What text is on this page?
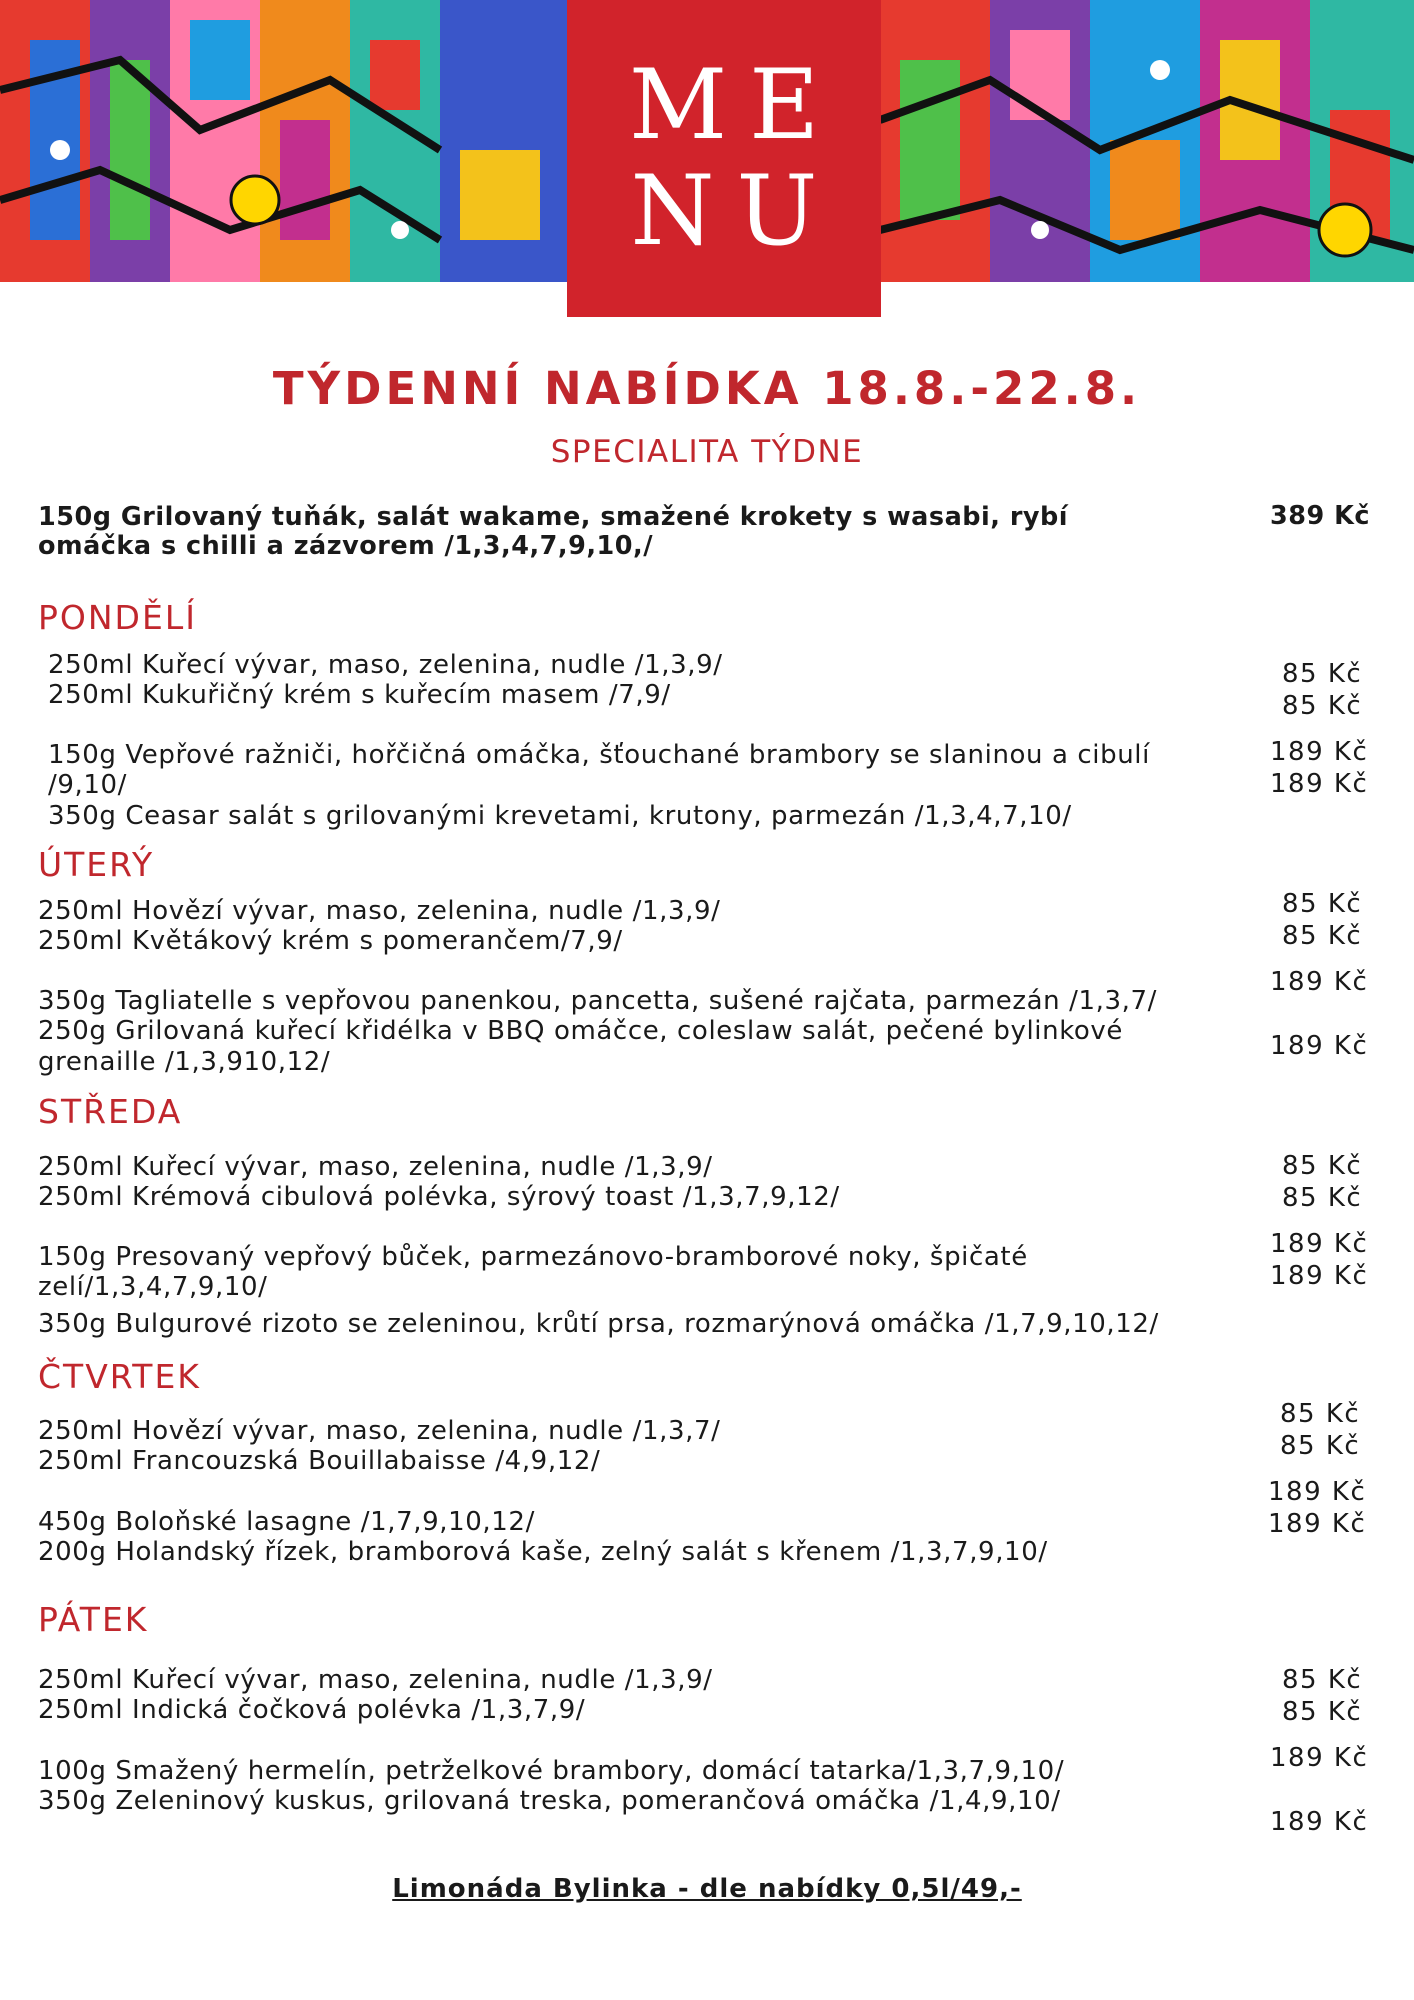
ME
NU
TÝDENNÍ NABÍDKA 18.8.-22.8.
SPECIALITA TÝDNE
150g Grilovaný tuňák, salát wakame, smažené krokety s wasabi, rybí
omáčka s chilli a zázvorem /1,3,4,7,9,10,/
389 Kč
PONDĚLÍ
250ml Kuřecí vývar, maso, zelenina, nudle /1,3,9/
250ml Kukuřičný krém s kuřecím masem /7,9/
150g Vepřové ražniči, hořčičná omáčka, šťouchané brambory se slaninou a cibulí
/9,10/
350g Ceasar salát s grilovanými krevetami, krutony, parmezán /1,3,4,7,10/
85 Kč
85 Kč
189 Kč
189 Kč
ÚTERÝ
250ml Hovězí vývar, maso, zelenina, nudle /1,3,9/
250ml Květákový krém s pomerančem/7,9/
350g Tagliatelle s vepřovou panenkou, pancetta, sušené rajčata, parmezán /1,3,7/
250g Grilovaná kuřecí křidélka v BBQ omáčce, coleslaw salát, pečené bylinkové
grenaille /1,3,910,12/
85 Kč
85 Kč
189 Kč
189 Kč
STŘEDA
250ml Kuřecí vývar, maso, zelenina, nudle /1,3,9/
250ml Krémová cibulová polévka, sýrový toast /1,3,7,9,12/
150g Presovaný vepřový bůček, parmezánovo-bramborové noky, špičaté
zelí/1,3,4,7,9,10/
350g Bulgurové rizoto se zeleninou, krůtí prsa, rozmarýnová omáčka /1,7,9,10,12/
85 Kč
85 Kč
189 Kč
189 Kč
ČTVRTEK
250ml Hovězí vývar, maso, zelenina, nudle /1,3,7/
250ml Francouzská Bouillabaisse /4,9,12/
450g Boloňské lasagne /1,7,9,10,12/
200g Holandský řízek, bramborová kaše, zelný salát s křenem /1,3,7,9,10/
85 Kč
85 Kč
189 Kč
189 Kč
PÁTEK
250ml Kuřecí vývar, maso, zelenina, nudle /1,3,9/
250ml Indická čočková polévka /1,3,7,9/
100g Smažený hermelín, petrželkové brambory, domácí tatarka/1,3,7,9,10/
350g Zeleninový kuskus, grilovaná treska, pomerančová omáčka /1,4,9,10/
85 Kč
85 Kč
189 Kč
189 Kč
Limonáda Bylinka - dle nabídky 0,5l/49,-
